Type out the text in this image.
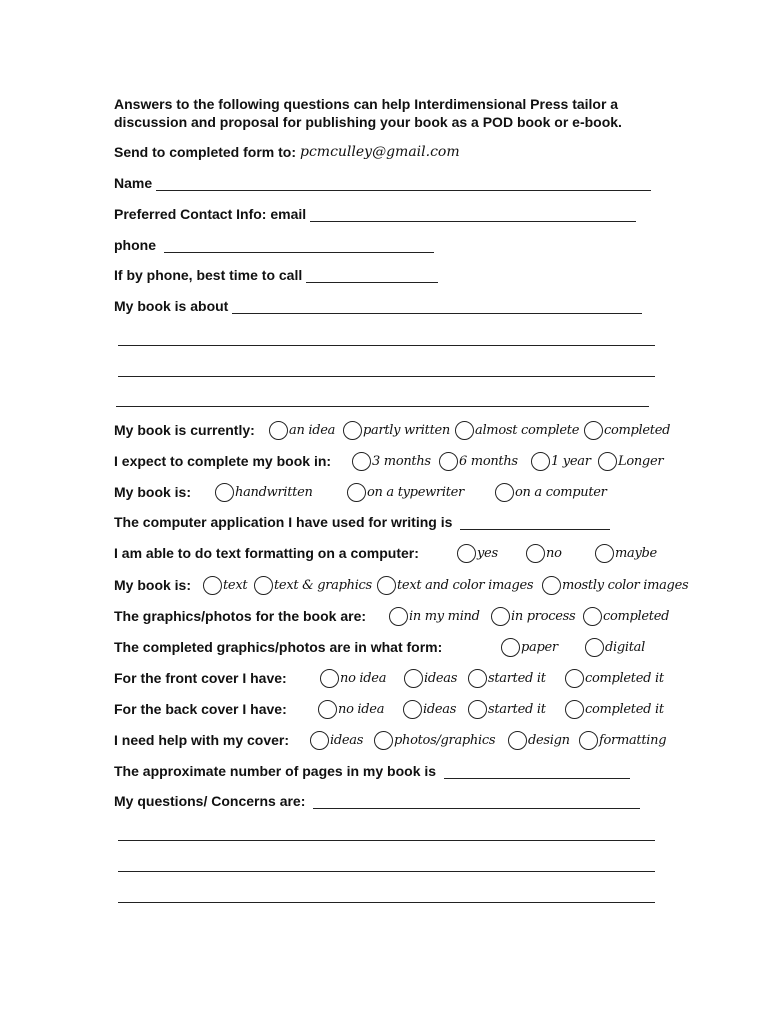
Answers to the following questions can help Interdimensional Press tailor a discussion and proposal for publishing your book as a POD book or e-book.

Send to completed form to: pcmculley@gmail.com
Name
Preferred Contact Info: email
phone
If by phone, best time to call
My book is about
My book is currently:	an idea partly written almost complete completed
I expect to complete my book in:	3 months 6 months	1 year Longer
My book is:	handwritten	on a typewriter	on a computer
The computer application I have used for writing is
I am able to do text formatting on a computer:	yes	no	maybe
My book is: text text & graphics text and color images mostly color images
The graphics/photos for the book are:	in my mind in process completed
The completed graphics/photos are in what form:	paper	digital
For the front cover I have:	no idea	ideas started it	completed it
For the back cover I have:	no idea	ideas started it	completed it
I need help with my cover:	ideas photos/graphics	design formatting
The approximate number of pages in my book is
My questions/ Concerns are:
